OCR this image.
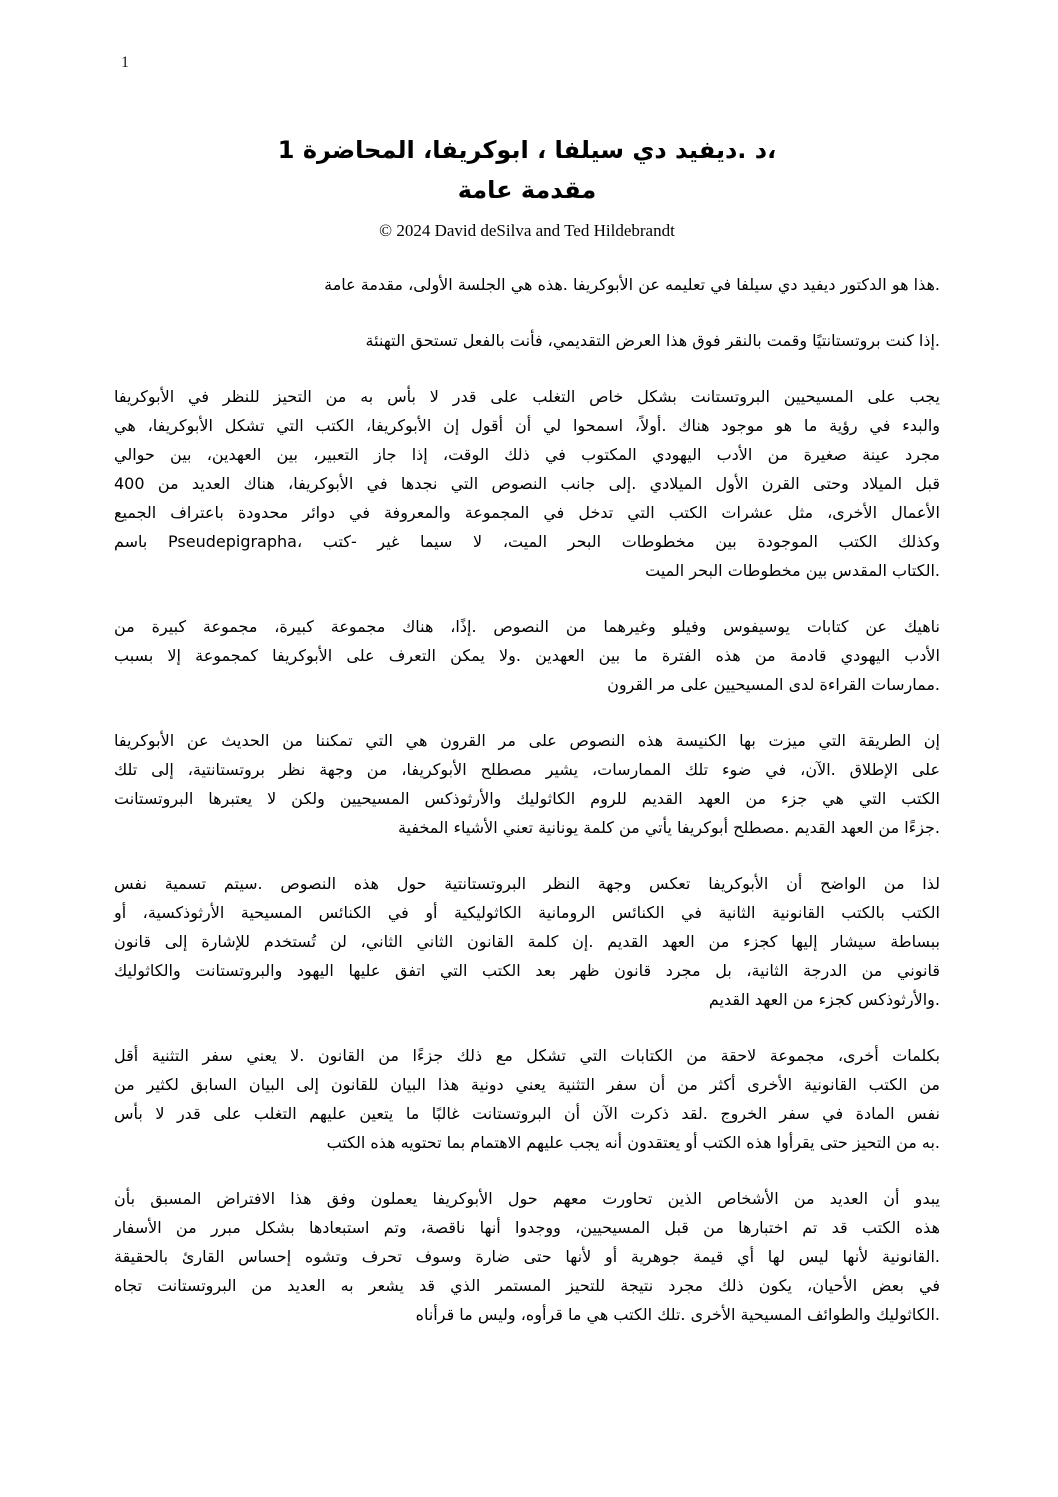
1
،د .ديفيد دي سيلفا ، ابوكريفا، المحاضرة 1
مقدمة عامة
© 2024 David deSilva and Ted Hildebrandt
.هذا هو الدكتور ديفيد دي سيلفا في تعليمه عن الأبوكريفا .هذه هي الجلسة الأولى، مقدمة عامة
.إذا كنت بروتستانتيًا وقمت بالنقر فوق هذا العرض التقديمي، فأنت بالفعل تستحق التهنئة
يجب على المسيحيين البروتستانت بشكل خاص التغلب على قدر لا بأس به من التحيز للنظر في الأبوكريفا
والبدء في رؤية ما هو موجود هناك .أولاً، اسمحوا لي أن أقول إن الأبوكريفا، الكتب التي تشكل الأبوكريفا، هي
مجرد عينة صغيرة من الأدب اليهودي المكتوب في ذلك الوقت، إذا جاز التعبير، بين العهدين، بين حوالي
قبل الميلاد وحتى القرن الأول الميلادي .إلى جانب النصوص التي نجدها في الأبوكريفا، هناك العديد من 400
الأعمال الأخرى، مثل عشرات الكتب التي تدخل في المجموعة والمعروفة في دوائر محدودة باعتراف الجميع
وكذلك الكتب الموجودة بين مخطوطات البحر الميت، لا سيما غير -كتب ،Pseudepigrapha باسم
.الكتاب المقدس بين مخطوطات البحر الميت
ناهيك عن كتابات يوسيفوس وفيلو وغيرهما من النصوص .إذًا، هناك مجموعة كبيرة، مجموعة كبيرة من
الأدب اليهودي قادمة من هذه الفترة ما بين العهدين .ولا يمكن التعرف على الأبوكريفا كمجموعة إلا بسبب
.ممارسات القراءة لدى المسيحيين على مر القرون
إن الطريقة التي ميزت بها الكنيسة هذه النصوص على مر القرون هي التي تمكننا من الحديث عن الأبوكريفا
على الإطلاق .الآن، في ضوء تلك الممارسات، يشير مصطلح الأبوكريفا، من وجهة نظر بروتستانتية، إلى تلك
الكتب التي هي جزء من العهد القديم للروم الكاثوليك والأرثوذكس المسيحيين ولكن لا يعتبرها البروتستانت
.جزءًا من العهد القديم .مصطلح أبوكريفا يأتي من كلمة يونانية تعني الأشياء المخفية
لذا من الواضح أن الأبوكريفا تعكس وجهة النظر البروتستانتية حول هذه النصوص .سيتم تسمية نفس
الكتب بالكتب القانونية الثانية في الكنائس الرومانية الكاثوليكية أو في الكنائس المسيحية الأرثوذكسية، أو
ببساطة سيشار إليها كجزء من العهد القديم .إن كلمة القانون الثاني الثاني، لن تُستخدم للإشارة إلى قانون
قانوني من الدرجة الثانية، بل مجرد قانون ظهر بعد الكتب التي اتفق عليها اليهود والبروتستانت والكاثوليك
.والأرثوذكس كجزء من العهد القديم
بكلمات أخرى، مجموعة لاحقة من الكتابات التي تشكل مع ذلك جزءًا من القانون .لا يعني سفر التثنية أقل
من الكتب القانونية الأخرى أكثر من أن سفر التثنية يعني دونية هذا البيان للقانون إلى البيان السابق لكثير من
نفس المادة في سفر الخروج .لقد ذكرت الآن أن البروتستانت غالبًا ما يتعين عليهم التغلب على قدر لا بأس
.به من التحيز حتى يقرأوا هذه الكتب أو يعتقدون أنه يجب عليهم الاهتمام بما تحتويه هذه الكتب
يبدو أن العديد من الأشخاص الذين تحاورت معهم حول الأبوكريفا يعملون وفق هذا الافتراض المسبق بأن
هذه الكتب قد تم اختبارها من قبل المسيحيين، ووجدوا أنها ناقصة، وتم استبعادها بشكل مبرر من الأسفار
.القانونية لأنها ليس لها أي قيمة جوهرية أو لأنها حتى ضارة وسوف تحرف وتشوه إحساس القارئ بالحقيقة
في بعض الأحيان، يكون ذلك مجرد نتيجة للتحيز المستمر الذي قد يشعر به العديد من البروتستانت تجاه
.الكاثوليك والطوائف المسيحية الأخرى .تلك الكتب هي ما قرأوه، وليس ما قرأناه
